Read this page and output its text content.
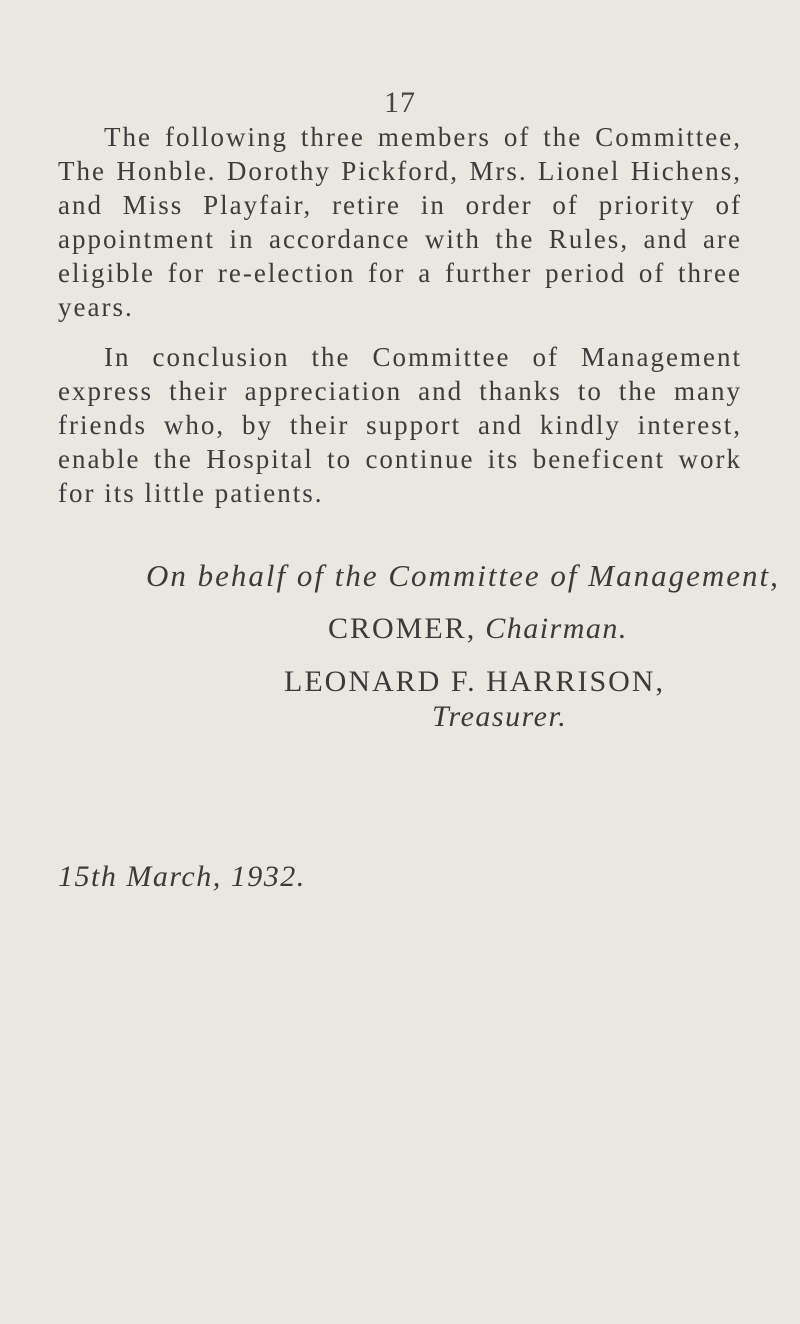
17

The following three members of the Committee, The Honble. Dorothy Pickford, Mrs. Lionel Hichens, and Miss Playfair, retire in order of priority of appointment in accordance with the Rules, and are eligible for re-election for a further period of three years.

In conclusion the Committee of Management express their appreciation and thanks to the many friends who, by their support and kindly interest, enable the Hospital to continue its beneficent work for its little patients.

On behalf of the Committee of Management,
CROMER, Chairman.
LEONARD F. HARRISON,
Treasurer.
15th March, 1932.
